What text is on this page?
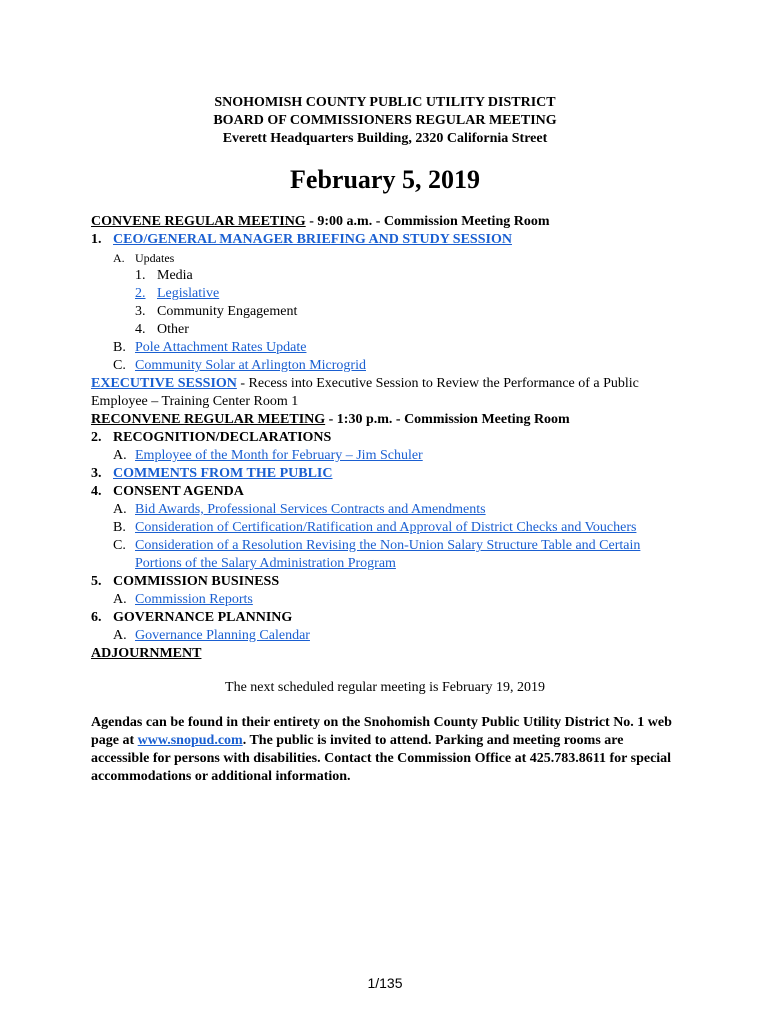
SNOHOMISH COUNTY PUBLIC UTILITY DISTRICT
BOARD OF COMMISSIONERS REGULAR MEETING
Everett Headquarters Building, 2320 California Street
February 5, 2019
CONVENE REGULAR MEETING - 9:00 a.m. - Commission Meeting Room
1. CEO/GENERAL MANAGER BRIEFING AND STUDY SESSION
A. Updates
1. Media
2. Legislative
3. Community Engagement
4. Other
B. Pole Attachment Rates Update
C. Community Solar at Arlington Microgrid
EXECUTIVE SESSION - Recess into Executive Session to Review the Performance of a Public
Employee – Training Center Room 1
RECONVENE REGULAR MEETING - 1:30 p.m. - Commission Meeting Room
2. RECOGNITION/DECLARATIONS
A. Employee of the Month for February – Jim Schuler
3. COMMENTS FROM THE PUBLIC
4. CONSENT AGENDA
A. Bid Awards, Professional Services Contracts and Amendments
B. Consideration of Certification/Ratification and Approval of District Checks and Vouchers
C. Consideration of a Resolution Revising the Non-Union Salary Structure Table and Certain
Portions of the Salary Administration Program
5. COMMISSION BUSINESS
A. Commission Reports
6. GOVERNANCE PLANNING
A. Governance Planning Calendar
ADJOURNMENT
The next scheduled regular meeting is February 19, 2019
Agendas can be found in their entirety on the Snohomish County Public Utility District No. 1 web page at www.snopud.com. The public is invited to attend. Parking and meeting rooms are accessible for persons with disabilities. Contact the Commission Office at 425.783.8611 for special accommodations or additional information.
1/135
